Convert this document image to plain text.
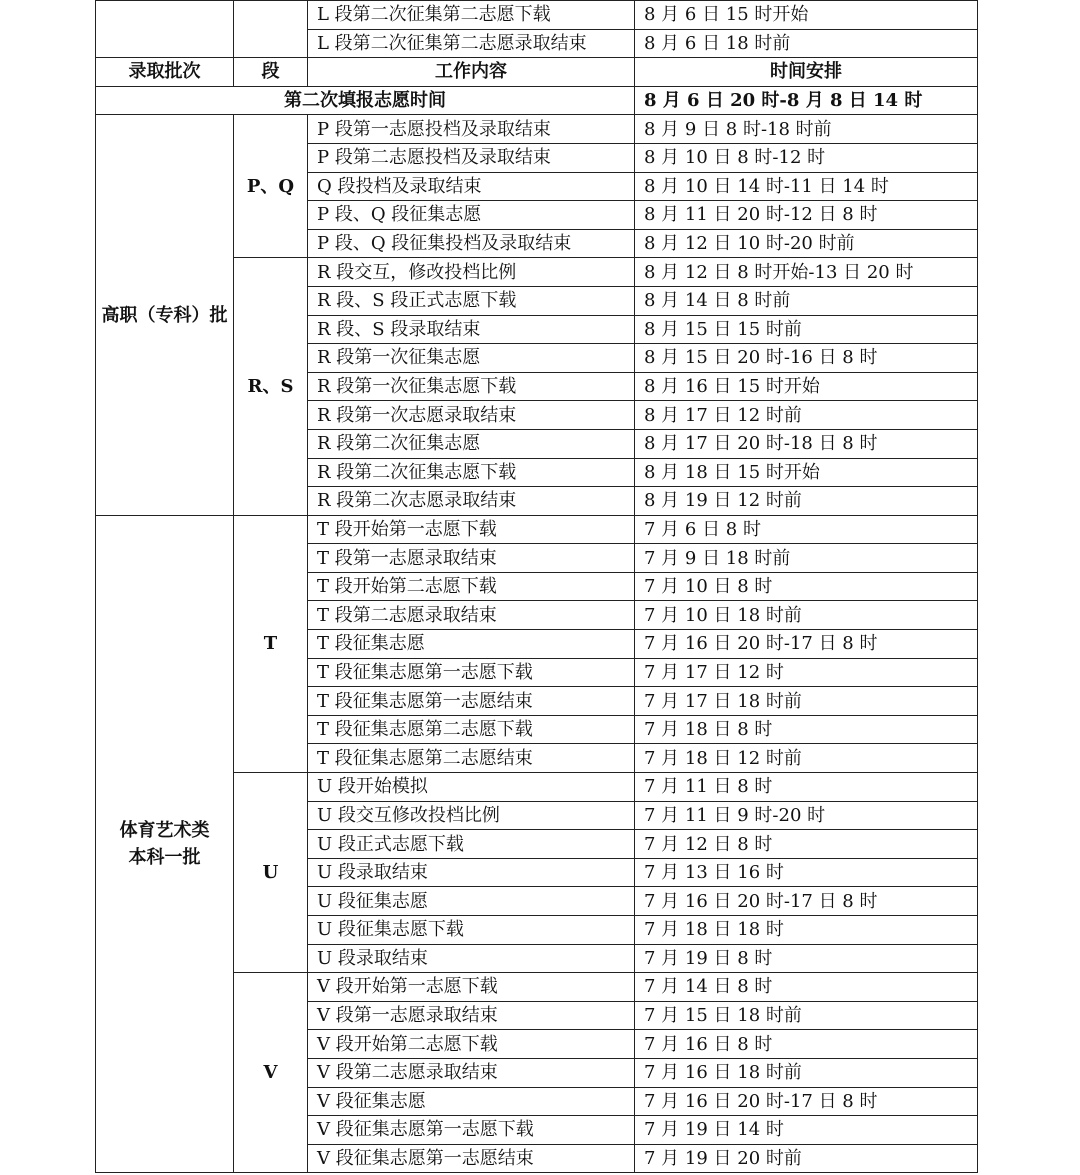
		L 段第二次征集第二志愿下载	8 月 6 日 15 时开始
		L 段第二次征集第二志愿录取结束	8 月 6 日 18 时前
录取批次	段	工作内容	时间安排
第二次填报志愿时间			8 月 6 日 20 时-8 月 8 日 14 时

高职（专科）批	P、Q	P 段第一志愿投档及录取结束	8 月 9 日 8 时-18 时前
		P 段第二志愿投档及录取结束	8 月 10 日 8 时-12 时
		Q 段投档及录取结束	8 月 10 日 14 时-11 日 14 时
		P 段、Q 段征集志愿	8 月 11 日 20 时-12 日 8 时
		P 段、Q 段征集投档及录取结束	8 月 12 日 10 时-20 时前
	R、S	R 段交互，修改投档比例	8 月 12 日 8 时开始-13 日 20 时
		R 段、S 段正式志愿下载	8 月 14 日 8 时前
		R 段、S 段录取结束	8 月 15 日 15 时前
		R 段第一次征集志愿	8 月 15 日 20 时-16 日 8 时
		R 段第一次征集志愿下载	8 月 16 日 15 时开始
		R 段第一次志愿录取结束	8 月 17 日 12 时前
		R 段第二次征集志愿	8 月 17 日 20 时-18 日 8 时
		R 段第二次征集志愿下载	8 月 18 日 15 时开始
		R 段第二次志愿录取结束	8 月 19 日 12 时前

体育艺术类
本科一批	T	T 段开始第一志愿下载	7 月 6 日 8 时
		T 段第一志愿录取结束	7 月 9 日 18 时前
		T 段开始第二志愿下载	7 月 10 日 8 时
		T 段第二志愿录取结束	7 月 10 日 18 时前
		T 段征集志愿	7 月 16 日 20 时-17 日 8 时
		T 段征集志愿第一志愿下载	7 月 17 日 12 时
		T 段征集志愿第一志愿结束	7 月 17 日 18 时前
		T 段征集志愿第二志愿下载	7 月 18 日 8 时
		T 段征集志愿第二志愿结束	7 月 18 日 12 时前
	U	U 段开始模拟	7 月 11 日 8 时
		U 段交互修改投档比例	7 月 11 日 9 时-20 时
		U 段正式志愿下载	7 月 12 日 8 时
		U 段录取结束	7 月 13 日 16 时
		U 段征集志愿	7 月 16 日 20 时-17 日 8 时
		U 段征集志愿下载	7 月 18 日 18 时
		U 段录取结束	7 月 19 日 8 时
	V	V 段开始第一志愿下载	7 月 14 日 8 时
		V 段第一志愿录取结束	7 月 15 日 18 时前
		V 段开始第二志愿下载	7 月 16 日 8 时
		V 段第二志愿录取结束	7 月 16 日 18 时前
		V 段征集志愿	7 月 16 日 20 时-17 日 8 时
		V 段征集志愿第一志愿下载	7 月 19 日 14 时
		V 段征集志愿第一志愿结束	7 月 19 日 20 时前
